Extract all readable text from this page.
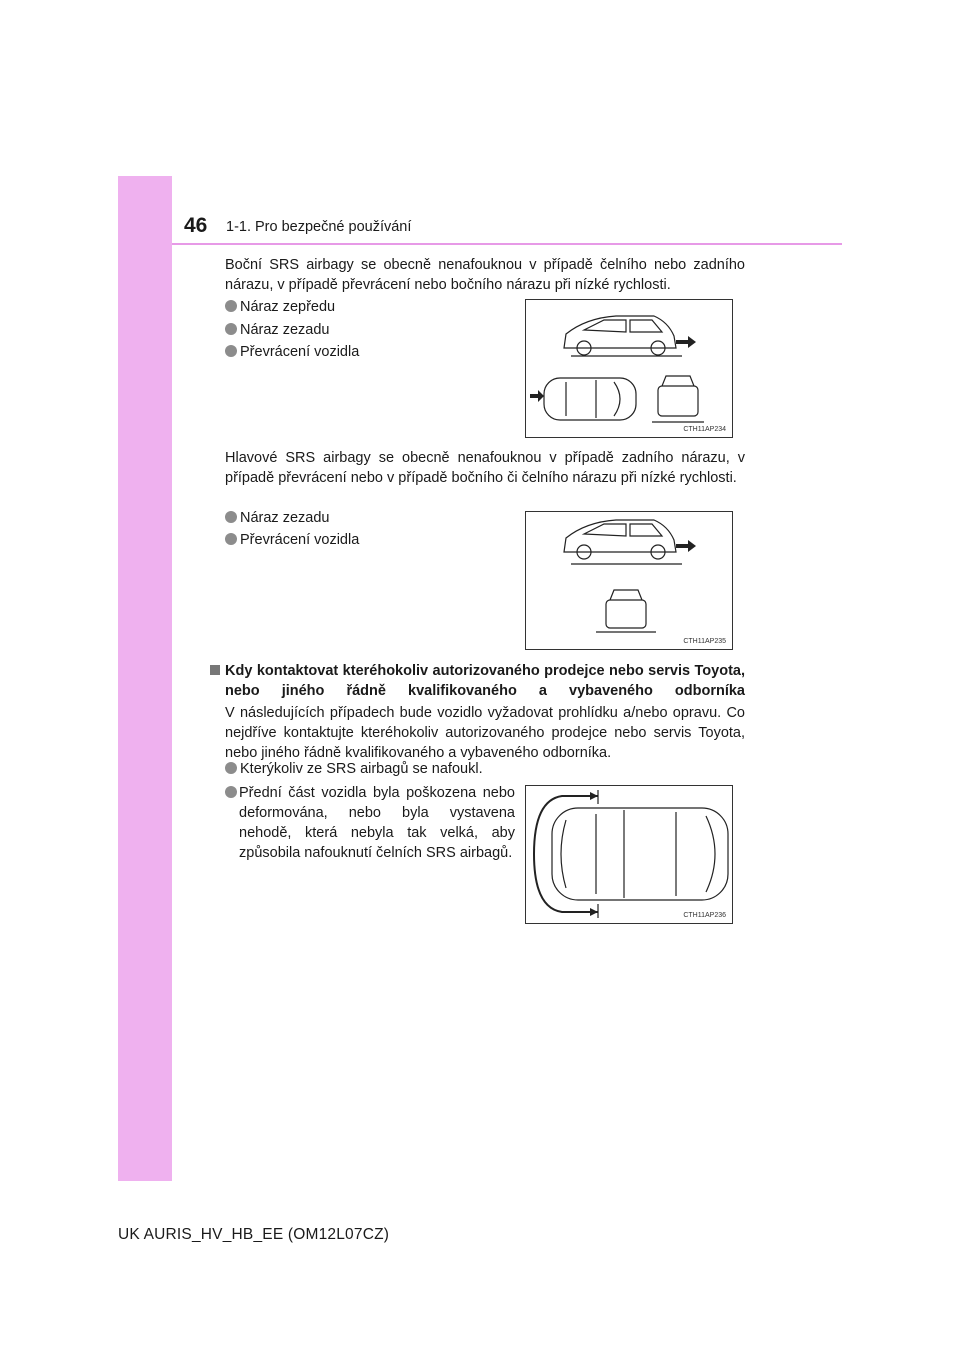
46 1-1. Pro bezpečné používání
Boční SRS airbagy se obecně nenafouknou v případě čelního nebo zadního nárazu, v případě převrácení nebo bočního nárazu při nízké rychlosti.
Náraz zepředu
Náraz zezadu
Převrácení vozidla
CTH11AP234
Hlavové SRS airbagy se obecně nenafouknou v případě zadního nárazu, v případě převrácení nebo v případě bočního či čelního nárazu při nízké rychlosti.
Náraz zezadu
Převrácení vozidla
CTH11AP235
Kdy kontaktovat kteréhokoliv autorizovaného prodejce nebo servis Toyota, nebo jiného řádně kvalifikovaného a vybaveného odborníka
V následujících případech bude vozidlo vyžadovat prohlídku a/nebo opravu. Co nejdříve kontaktujte kteréhokoliv autorizovaného prodejce nebo servis Toyota, nebo jiného řádně kvalifikovaného a vybaveného odborníka.
Kterýkoliv ze SRS airbagů se nafoukl.
Přední část vozidla byla poškozena nebo deformována, nebo byla vystavena nehodě, která nebyla tak velká, aby způsobila nafouknutí čelních SRS airbagů.
CTH11AP236
UK AURIS_HV_HB_EE (OM12L07CZ)
